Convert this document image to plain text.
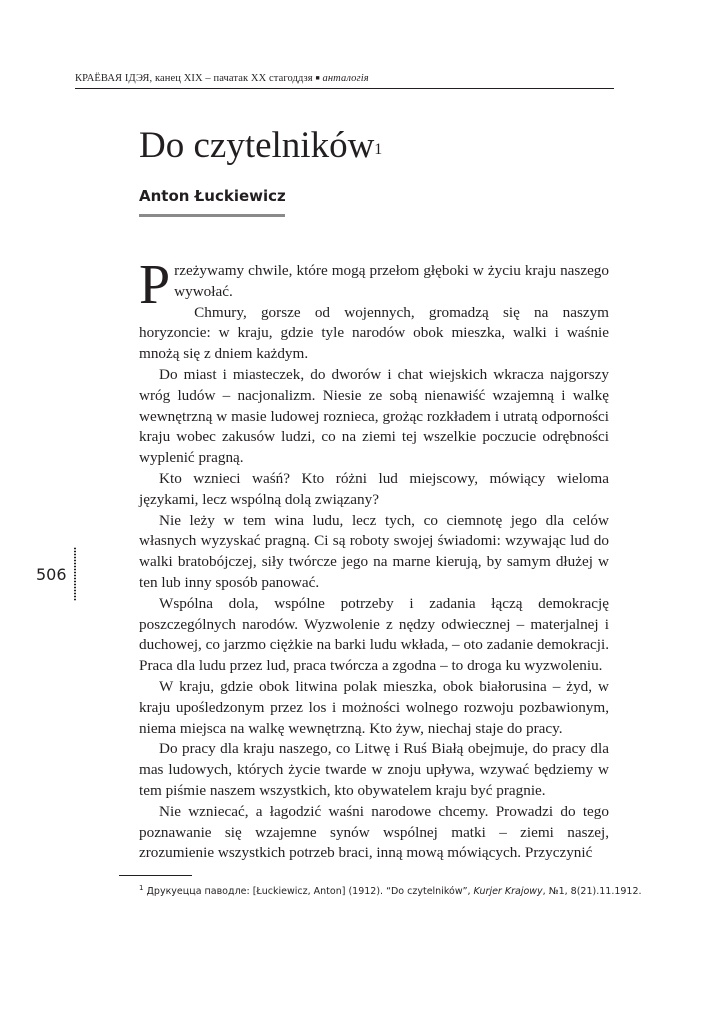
КРАЁВАЯ ІДЭЯ, канец ХІХ – пачатак ХХ стагоддзя ■ анталогія
Do czytelników$^1$
Anton Łuckiewicz

Przeżywamy chwile, które mogą przełom głęboki w życiu kraju naszego wywołać.

Chmury, gorsze od wojennych, gromadzą się na naszym horyzoncie: w kraju, gdzie tyle narodów obok mieszka, walki i waśnie mnożą się z dniem każdym.

Do miast i miasteczek, do dworów i chat wiejskich wkracza najgorszy wróg ludów – nacjonalizm. Niesie ze sobą nienawiść wzajemną i walkę wewnętrzną w masie ludowej roznieca, grożąc rozkładem i utratą odporności kraju wobec zakusów ludzi, co na ziemi tej wszelkie poczucie odrębności wyplenić pragną.

Kto wznieci waśń? Kto różni lud miejscowy, mówiący wieloma językami, lecz wspólną dolą związany?

Nie leży w tem wina ludu, lecz tych, co ciemnotę jego dla celów własnych wyzyskać pragną. Ci są roboty swojej świadomi: wzywając lud do walki bratobójczej, siły twórcze jego na marne kierują, by samym dłużej w ten lub inny sposób panować.

Wspólna dola, wspólne potrzeby i zadania łączą demokrację poszczególnych narodów. Wyzwolenie z nędzy odwiecznej – materjalnej i duchowej, co jarzmo ciężkie na barki ludu wkłada, – oto zadanie demokracji. Praca dla ludu przez lud, praca twórcza a zgodna – to droga ku wyzwoleniu.

W kraju, gdzie obok litwina polak mieszka, obok białorusina – żyd, w kraju upośledzonym przez los i możności wolnego rozwoju pozbawionym, niema miejsca na walkę wewnętrzną. Kto żyw, niechaj staje do pracy.

Do pracy dla kraju naszego, co Litwę i Ruś Białą obejmuje, do pracy dla mas ludowych, których życie twarde w znoju upływa, wzywać będziemy w tem piśmie naszem wszystkich, kto obywatelem kraju być pragnie.

Nie wzniecać, a łagodzić waśni narodowe chcemy. Prowadzi do tego poznawanie się wzajemne synów wspólnej matki – ziemi naszej, zrozumienie wszystkich potrzeb braci, inną mową mówiących. Przyczynić

506
$^1$ Друкуецца паводле: [Łuckiewicz, Anton] (1912). “Do czytelników”, Kurjer Krajowy, №1, 8(21).11.1912.
